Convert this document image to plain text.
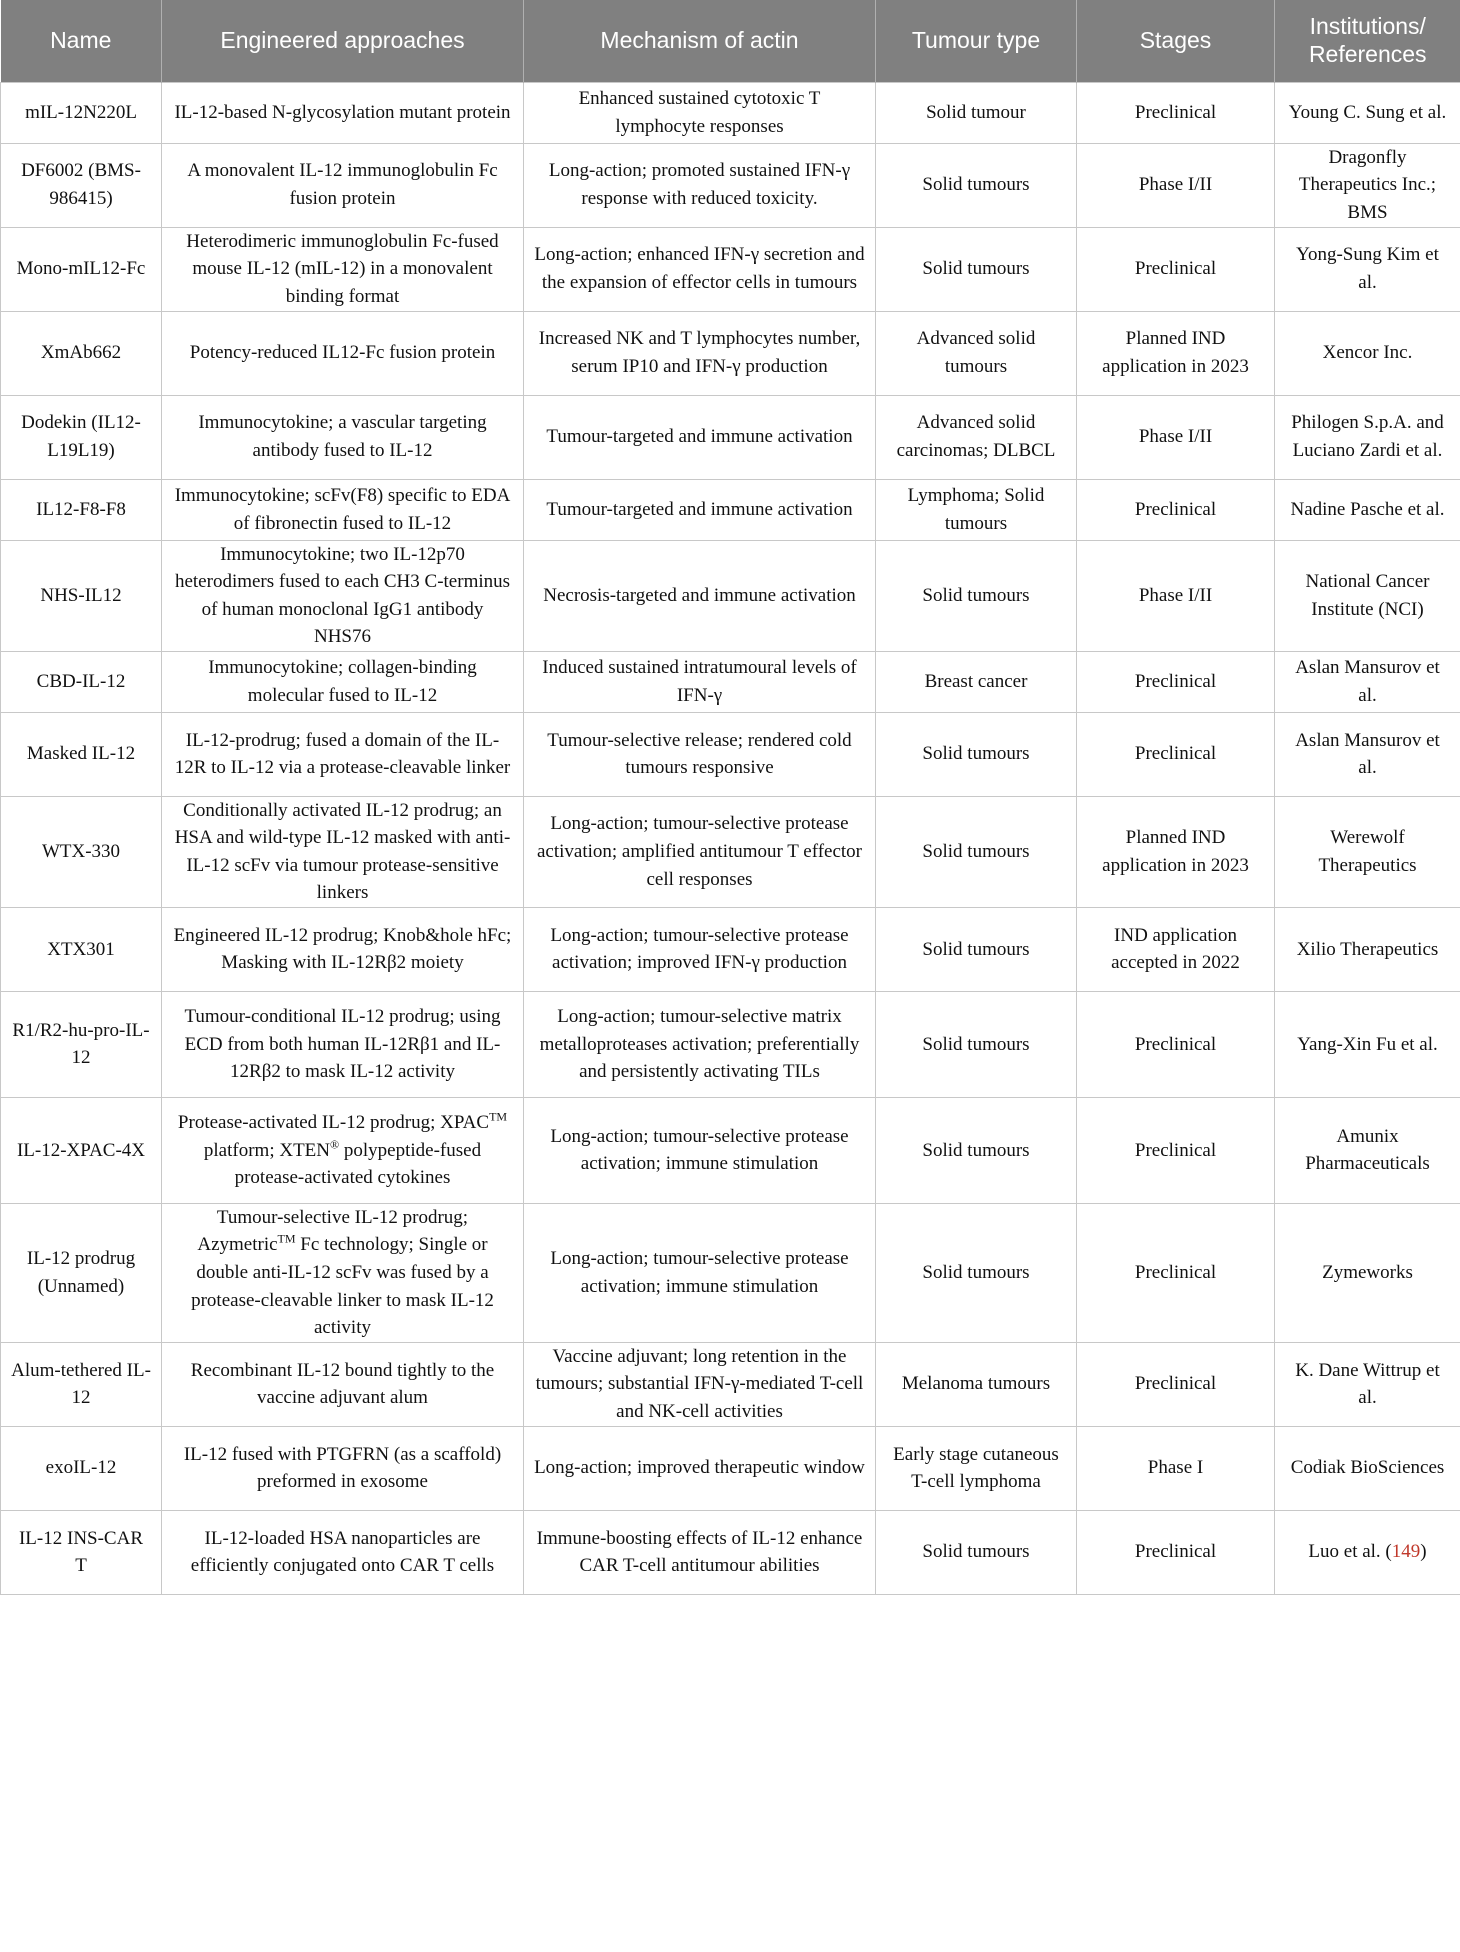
Name	Engineered approaches	Mechanism of actin	Tumour type	Stages	Institutions/ References
mIL-12N220L	IL-12-based N-glycosylation mutant protein	Enhanced sustained cytotoxic T lymphocyte responses	Solid tumour	Preclinical	Young C. Sung et al.
DF6002 (BMS-986415)	A monovalent IL-12 immunoglobulin Fc fusion protein	Long-action; promoted sustained IFN-γ response with reduced toxicity.	Solid tumours	Phase I/II	Dragonfly Therapeutics Inc.; BMS
Mono-mIL12-Fc	Heterodimeric immunoglobulin Fc-fused mouse IL-12 (mIL-12) in a monovalent binding format	Long-action; enhanced IFN-γ secretion and the expansion of effector cells in tumours	Solid tumours	Preclinical	Yong-Sung Kim et al.
XmAb662	Potency-reduced IL12-Fc fusion protein	Increased NK and T lymphocytes number, serum IP10 and IFN-γ production	Advanced solid tumours	Planned IND application in 2023	Xencor Inc.
Dodekin (IL12-L19L19)	Immunocytokine; a vascular targeting antibody fused to IL-12	Tumour-targeted and immune activation	Advanced solid carcinomas; DLBCL	Phase I/II	Philogen S.p.A. and Luciano Zardi et al.
IL12-F8-F8	Immunocytokine; scFv(F8) specific to EDA of fibronectin fused to IL-12	Tumour-targeted and immune activation	Lymphoma; Solid tumours	Preclinical	Nadine Pasche et al.
NHS-IL12	Immunocytokine; two IL-12p70 heterodimers fused to each CH3 C-terminus of human monoclonal IgG1 antibody NHS76	Necrosis-targeted and immune activation	Solid tumours	Phase I/II	National Cancer Institute (NCI)
CBD-IL-12	Immunocytokine; collagen-binding molecular fused to IL-12	Induced sustained intratumoural levels of IFN-γ	Breast cancer	Preclinical	Aslan Mansurov et al.
Masked IL-12	IL-12-prodrug; fused a domain of the IL-12R to IL-12 via a protease-cleavable linker	Tumour-selective release; rendered cold tumours responsive	Solid tumours	Preclinical	Aslan Mansurov et al.
WTX-330	Conditionally activated IL-12 prodrug; an HSA and wild-type IL-12 masked with anti-IL-12 scFv via tumour protease-sensitive linkers	Long-action; tumour-selective protease activation; amplified antitumour T effector cell responses	Solid tumours	Planned IND application in 2023	Werewolf Therapeutics
XTX301	Engineered IL-12 prodrug; Knob&hole hFc; Masking with IL-12Rβ2 moiety	Long-action; tumour-selective protease activation; improved IFN-γ production	Solid tumours	IND application accepted in 2022	Xilio Therapeutics
R1/R2-hu-pro-IL-12	Tumour-conditional IL-12 prodrug; using ECD from both human IL-12Rβ1 and IL-12Rβ2 to mask IL-12 activity	Long-action; tumour-selective matrix metalloproteases activation; preferentially and persistently activating TILs	Solid tumours	Preclinical	Yang-Xin Fu et al.
IL-12-XPAC-4X	Protease-activated IL-12 prodrug; XPAC™ platform; XTEN® polypeptide-fused protease-activated cytokines	Long-action; tumour-selective protease activation; immune stimulation	Solid tumours	Preclinical	Amunix Pharmaceuticals
IL-12 prodrug (Unnamed)	Tumour-selective IL-12 prodrug; Azymetric™ Fc technology; Single or double anti-IL-12 scFv was fused by a protease-cleavable linker to mask IL-12 activity	Long-action; tumour-selective protease activation; immune stimulation	Solid tumours	Preclinical	Zymeworks
Alum-tethered IL-12	Recombinant IL-12 bound tightly to the vaccine adjuvant alum	Vaccine adjuvant; long retention in the tumours; substantial IFN-γ-mediated T-cell and NK-cell activities	Melanoma tumours	Preclinical	K. Dane Wittrup et al.
exoIL-12	IL-12 fused with PTGFRN (as a scaffold) preformed in exosome	Long-action; improved therapeutic window	Early stage cutaneous T-cell lymphoma	Phase I	Codiak BioSciences
IL-12 INS-CAR T	IL-12-loaded HSA nanoparticles are efficiently conjugated onto CAR T cells	Immune-boosting effects of IL-12 enhance CAR T-cell antitumour abilities	Solid tumours	Preclinical	Luo et al. (149)
